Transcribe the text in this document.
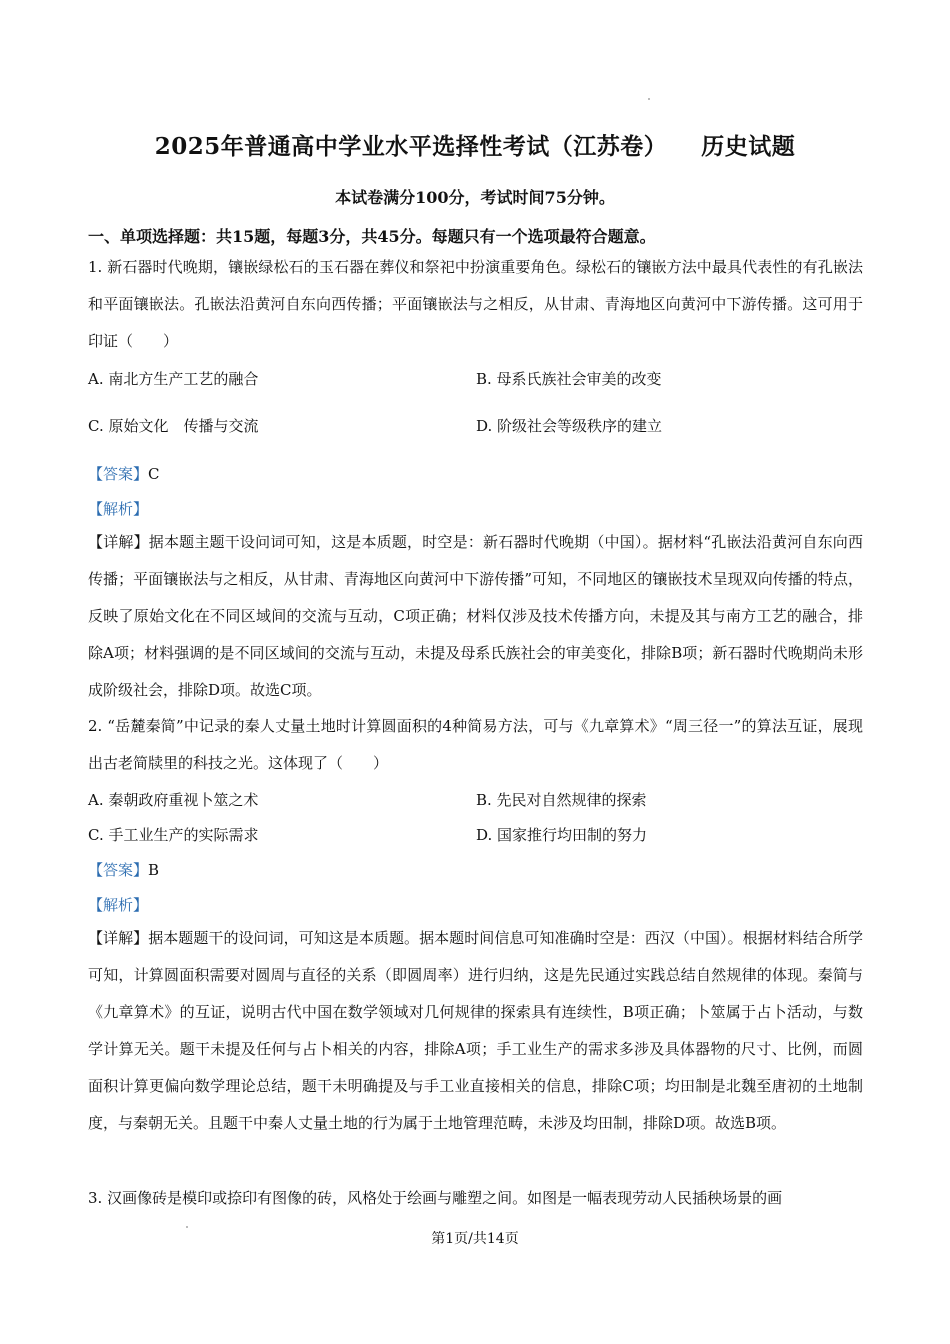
2025年普通高中学业水平选择性考试（江苏卷）    历史试题
本试卷满分100分，考试时间75分钟。
一、单项选择题：共15题，每题3分，共45分。每题只有一个选项最符合题意。
1. 新石器时代晚期，镶嵌绿松石的玉石器在葬仪和祭祀中扮演重要角色。绿松石的镶嵌方法中最具代表性的有孔嵌法和平面镶嵌法。孔嵌法沿黄河自东向西传播；平面镶嵌法与之相反，从甘肃、青海地区向黄河中下游传播。这可用于印证（　　）
A. 南北方生产工艺的融合	B. 母系氏族社会审美的改变
C. 原始文化　传播与交流	D. 阶级社会等级秩序的建立
【答案】C
【解析】
【详解】据本题主题干设问词可知，这是本质题，时空是：新石器时代晚期（中国）。据材料“孔嵌法沿黄河自东向西传播；平面镶嵌法与之相反，从甘肃、青海地区向黄河中下游传播”可知，不同地区的镶嵌技术呈现双向传播的特点，反映了原始文化在不同区域间的交流与互动，C项正确；材料仅涉及技术传播方向，未提及其与南方工艺的融合，排除A项；材料强调的是不同区域间的交流与互动，未提及母系氏族社会的审美变化，排除B项；新石器时代晚期尚未形成阶级社会，排除D项。故选C项。
2. “岳麓秦简”中记录的秦人丈量土地时计算圆面积的4种简易方法，可与《九章算术》“周三径一”的算法互证，展现出古老简牍里的科技之光。这体现了（　　）
A. 秦朝政府重视卜筮之术	B. 先民对自然规律的探索
C. 手工业生产的实际需求	D. 国家推行均田制的努力
【答案】B
【解析】
【详解】据本题题干的设问词，可知这是本质题。据本题时间信息可知准确时空是：西汉（中国）。根据材料结合所学可知，计算圆面积需要对圆周与直径的关系（即圆周率）进行归纳，这是先民通过实践总结自然规律的体现。秦简与《九章算术》的互证，说明古代中国在数学领域对几何规律的探索具有连续性，B项正确；卜筮属于占卜活动，与数学计算无关。题干未提及任何与占卜相关的内容，排除A项；手工业生产的需求多涉及具体器物的尺寸、比例，而圆面积计算更偏向数学理论总结，题干未明确提及与手工业直接相关的信息，排除C项；均田制是北魏至唐初的土地制度，与秦朝无关。且题干中秦人丈量土地的行为属于土地管理范畴，未涉及均田制，排除D项。故选B项。
3. 汉画像砖是模印或捺印有图像的砖，风格处于绘画与雕塑之间。如图是一幅表现劳动人民插秧场景的画
第1页/共14页
